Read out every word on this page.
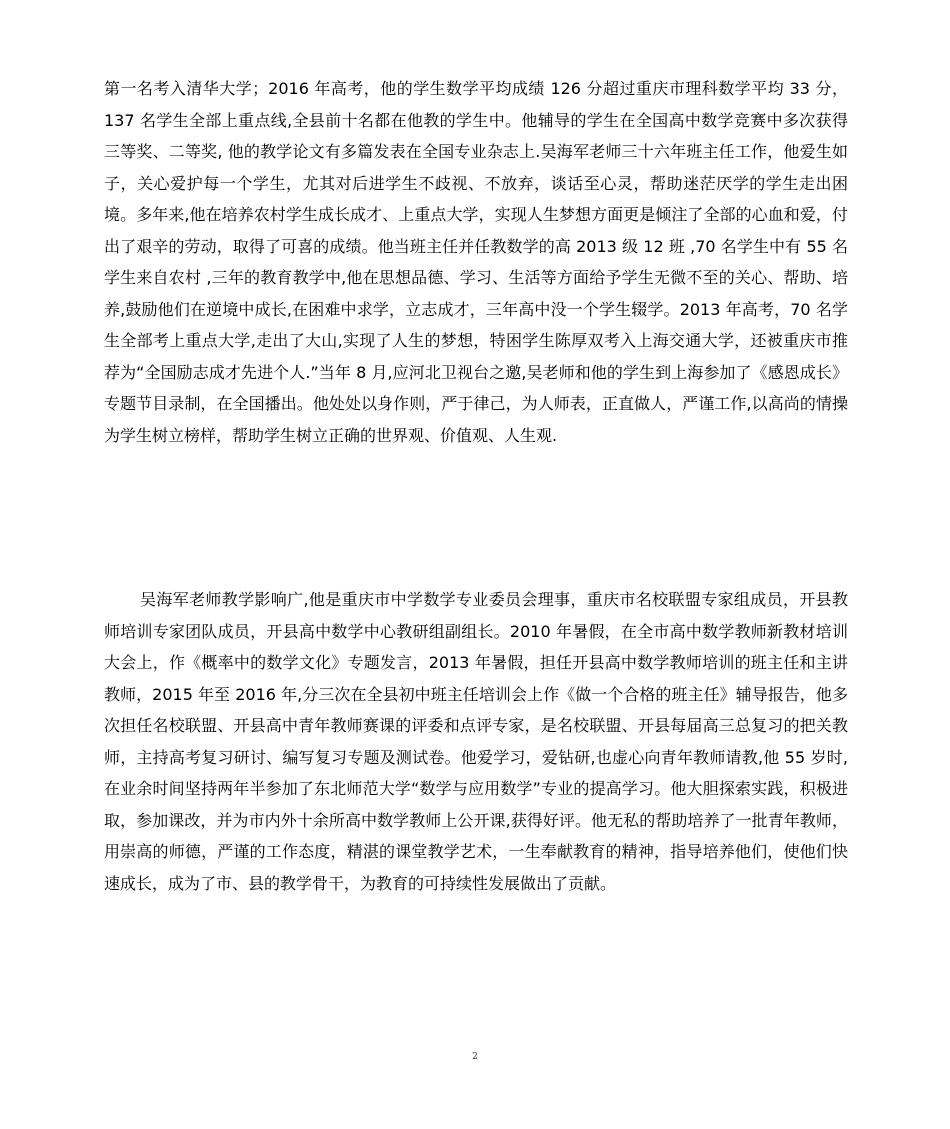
第一名考入清华大学；2016 年高考，他的学生数学平均成绩 126 分超过重庆市理科数学平均 33 分，137 名学生全部上重点线,全县前十名都在他教的学生中。他辅导的学生在全国高中数学竞赛中多次获得三等奖、二等奖, 他的教学论文有多篇发表在全国专业杂志上.吴海军老师三十六年班主任工作，他爱生如子，关心爱护每一个学生，尤其对后进学生不歧视、不放弃，谈话至心灵，帮助迷茫厌学的学生走出困境。多年来,他在培养农村学生成长成才、上重点大学，实现人生梦想方面更是倾注了全部的心血和爱，付出了艰辛的劳动，取得了可喜的成绩。他当班主任并任教数学的高 2013 级 12 班 ,70 名学生中有 55 名学生来自农村 ,三年的教育教学中,他在思想品德、学习、生活等方面给予学生无微不至的关心、帮助、培养,鼓励他们在逆境中成长,在困难中求学，立志成才，三年高中没一个学生辍学。2013 年高考，70 名学生全部考上重点大学,走出了大山,实现了人生的梦想，特困学生陈厚双考入上海交通大学，还被重庆市推荐为“全国励志成才先进个人.”当年 8 月,应河北卫视台之邀,吴老师和他的学生到上海参加了《感恩成长》专题节目录制，在全国播出。他处处以身作则，严于律己，为人师表，正直做人，严谨工作,以高尚的情操为学生树立榜样，帮助学生树立正确的世界观、价值观、人生观.

吴海军老师教学影响广,他是重庆市中学数学专业委员会理事，重庆市名校联盟专家组成员，开县教师培训专家团队成员，开县高中数学中心教研组副组长。2010 年暑假，在全市高中数学教师新教材培训大会上，作《概率中的数学文化》专题发言，2013 年暑假，担任开县高中数学教师培训的班主任和主讲教师，2015 年至 2016 年,分三次在全县初中班主任培训会上作《做一个合格的班主任》辅导报告，他多次担任名校联盟、开县高中青年教师赛课的评委和点评专家，是名校联盟、开县每届高三总复习的把关教师，主持高考复习研讨、编写复习专题及测试卷。他爱学习，爱钻研,也虚心向青年教师请教,他 55 岁时,在业余时间坚持两年半参加了东北师范大学“数学与应用数学”专业的提高学习。他大胆探索实践，积极进取，参加课改，并为市内外十余所高中数学教师上公开课,获得好评。他无私的帮助培养了一批青年教师，用崇高的师德，严谨的工作态度，精湛的课堂教学艺术，一生奉献教育的精神，指导培养他们，使他们快速成长，成为了市、县的教学骨干，为教育的可持续性发展做出了贡献。

2
